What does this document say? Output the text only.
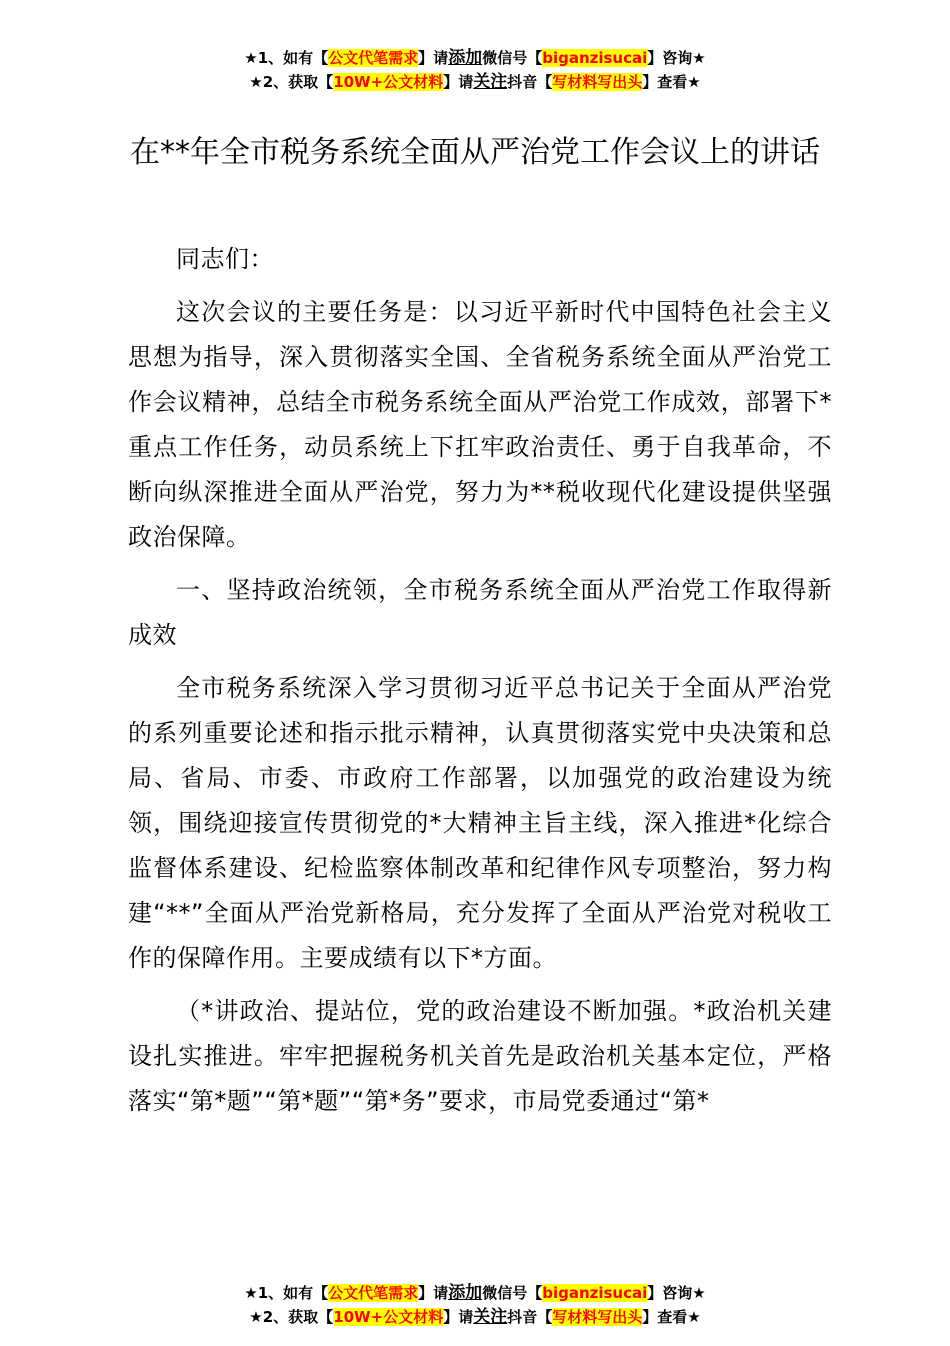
★1、如有【公文代笔需求】请添加微信号【biganzisucai】咨询★
★2、获取【10W+公文材料】请关注抖音【写材料写出头】查看★
在**年全市税务系统全面从严治党工作会议上的讲话

同志们：

这次会议的主要任务是：以习近平新时代中国特色社会主义思想为指导，深入贯彻落实全国、全省税务系统全面从严治党工作会议精神，总结全市税务系统全面从严治党工作成效，部署下*重点工作任务，动员系统上下扛牢政治责任、勇于自我革命，不断向纵深推进全面从严治党，努力为**税收现代化建设提供坚强政治保障。

一、坚持政治统领，全市税务系统全面从严治党工作取得新成效

全市税务系统深入学习贯彻习近平总书记关于全面从严治党的系列重要论述和指示批示精神，认真贯彻落实党中央决策和总局、省局、市委、市政府工作部署，以加强党的政治建设为统领，围绕迎接宣传贯彻党的*大精神主旨主线，深入推进*化综合监督体系建设、纪检监察体制改革和纪律作风专项整治，努力构建“**”全面从严治党新格局，充分发挥了全面从严治党对税收工作的保障作用。主要成绩有以下*方面。

（*讲政治、提站位，党的政治建设不断加强。*政治机关建设扎实推进。牢牢把握税务机关首先是政治机关基本定位，严格落实“第*题”“第*题”“第*务”要求，市局党委通过“第*

★1、如有【公文代笔需求】请添加微信号【biganzisucai】咨询★
★2、获取【10W+公文材料】请关注抖音【写材料写出头】查看★
